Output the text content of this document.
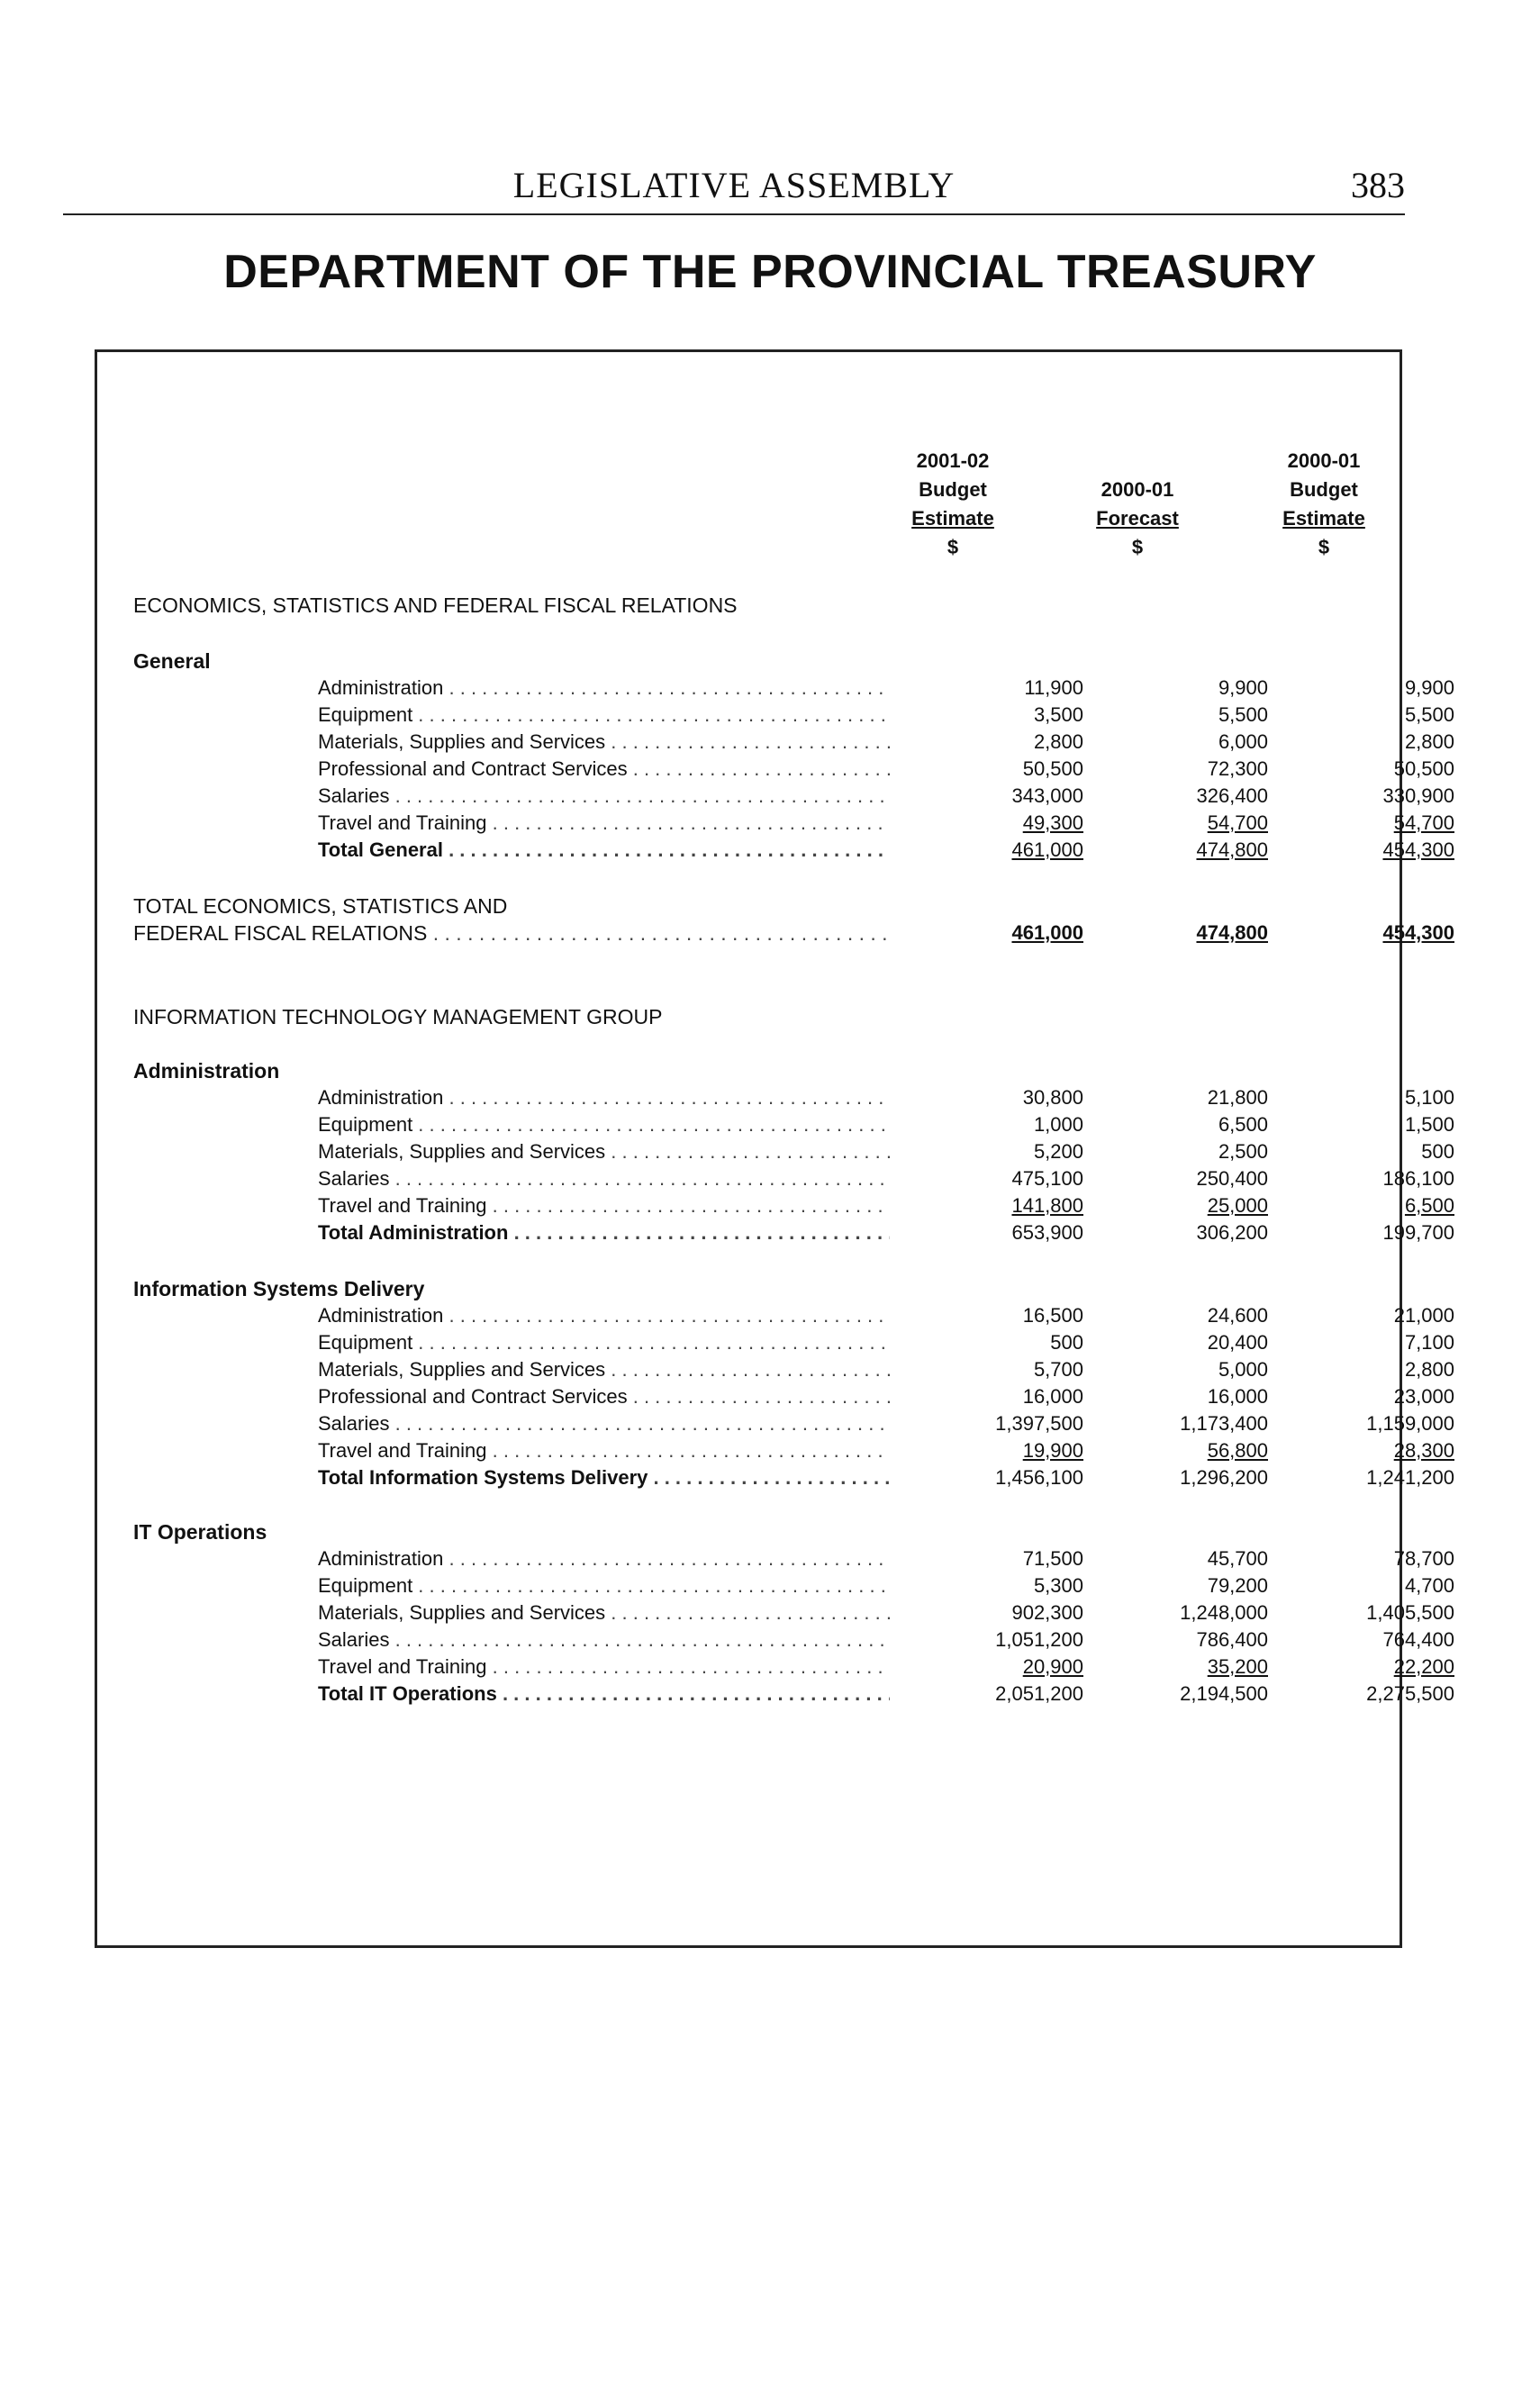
LEGISLATIVE ASSEMBLY	383
DEPARTMENT OF THE PROVINCIAL TREASURY
2001-02
Budget
Estimate
$
2000-01
Forecast
$
2000-01
Budget
Estimate
$
ECONOMICS, STATISTICS AND FEDERAL FISCAL RELATIONS
General
Administration . . .	11,900	9,900	9,900
Equipment . . .	3,500	5,500	5,500
Materials, Supplies and Services . . .	2,800	6,000	2,800
Professional and Contract Services . . .	50,500	72,300	50,500
Salaries . . .	343,000	326,400	330,900
Travel and Training . . .	49,300	54,700	54,700
Total General . . .	461,000	474,800	454,300
TOTAL ECONOMICS, STATISTICS AND
FEDERAL FISCAL RELATIONS . . .	461,000	474,800	454,300
INFORMATION TECHNOLOGY MANAGEMENT GROUP
Administration
Administration . . .	30,800	21,800	5,100
Equipment . . .	1,000	6,500	1,500
Materials, Supplies and Services . . .	5,200	2,500	500
Salaries . . .	475,100	250,400	186,100
Travel and Training . . .	141,800	25,000	6,500
Total Administration . . .	653,900	306,200	199,700
Information Systems Delivery
Administration . . .	16,500	24,600	21,000
Equipment . . .	500	20,400	7,100
Materials, Supplies and Services . . .	5,700	5,000	2,800
Professional and Contract Services . . .	16,000	16,000	23,000
Salaries . . .	1,397,500	1,173,400	1,159,000
Travel and Training . . .	19,900	56,800	28,300
Total Information Systems Delivery . . .	1,456,100	1,296,200	1,241,200
IT Operations
Administration . . .	71,500	45,700	78,700
Equipment . . .	5,300	79,200	4,700
Materials, Supplies and Services . . .	902,300	1,248,000	1,405,500
Salaries . . .	1,051,200	786,400	764,400
Travel and Training . . .	20,900	35,200	22,200
Total IT Operations . . .	2,051,200	2,194,500	2,275,500
